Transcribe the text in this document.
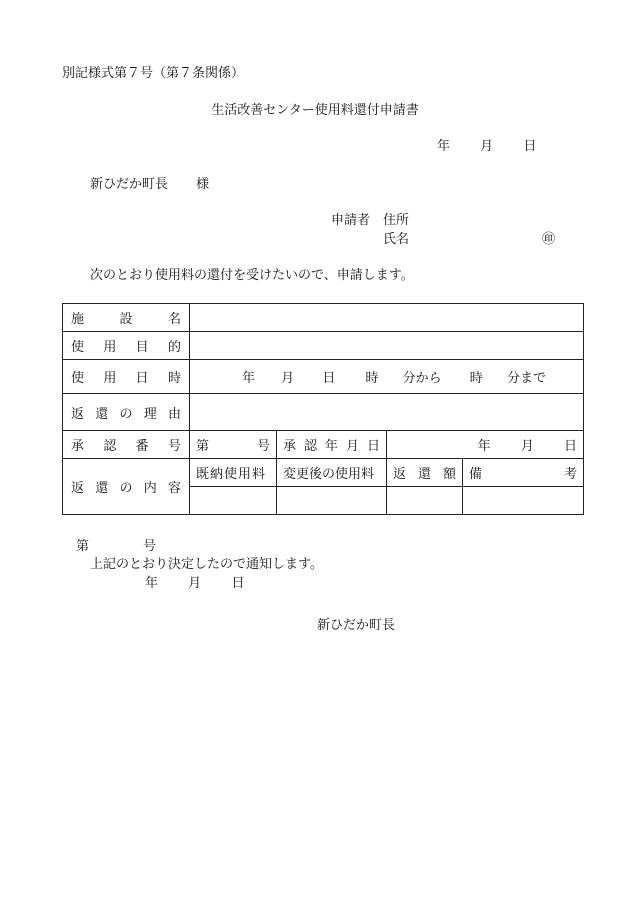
別記様式第７号（第７条関係）
生活改善センター使用料還付申請書
年 月 日
新ひだか町長 様
申請者 住所
氏名	㊞
次のとおり使用料の還付を受けたいので、申請します。
施 設 名				

使 用 目 的				

使 用 日 時	年 月 日 時 分から 時 分まで			

返 還 の 理 由				

承 認 番 号	第 号	承 認 年 月 日	年 月 日	

返 還 の 内 容	既納使用料	変更後の使用料	返 還 額	備 考

第	号
上記のとおり決定したので通知します。
年 月 日
新ひだか町長
